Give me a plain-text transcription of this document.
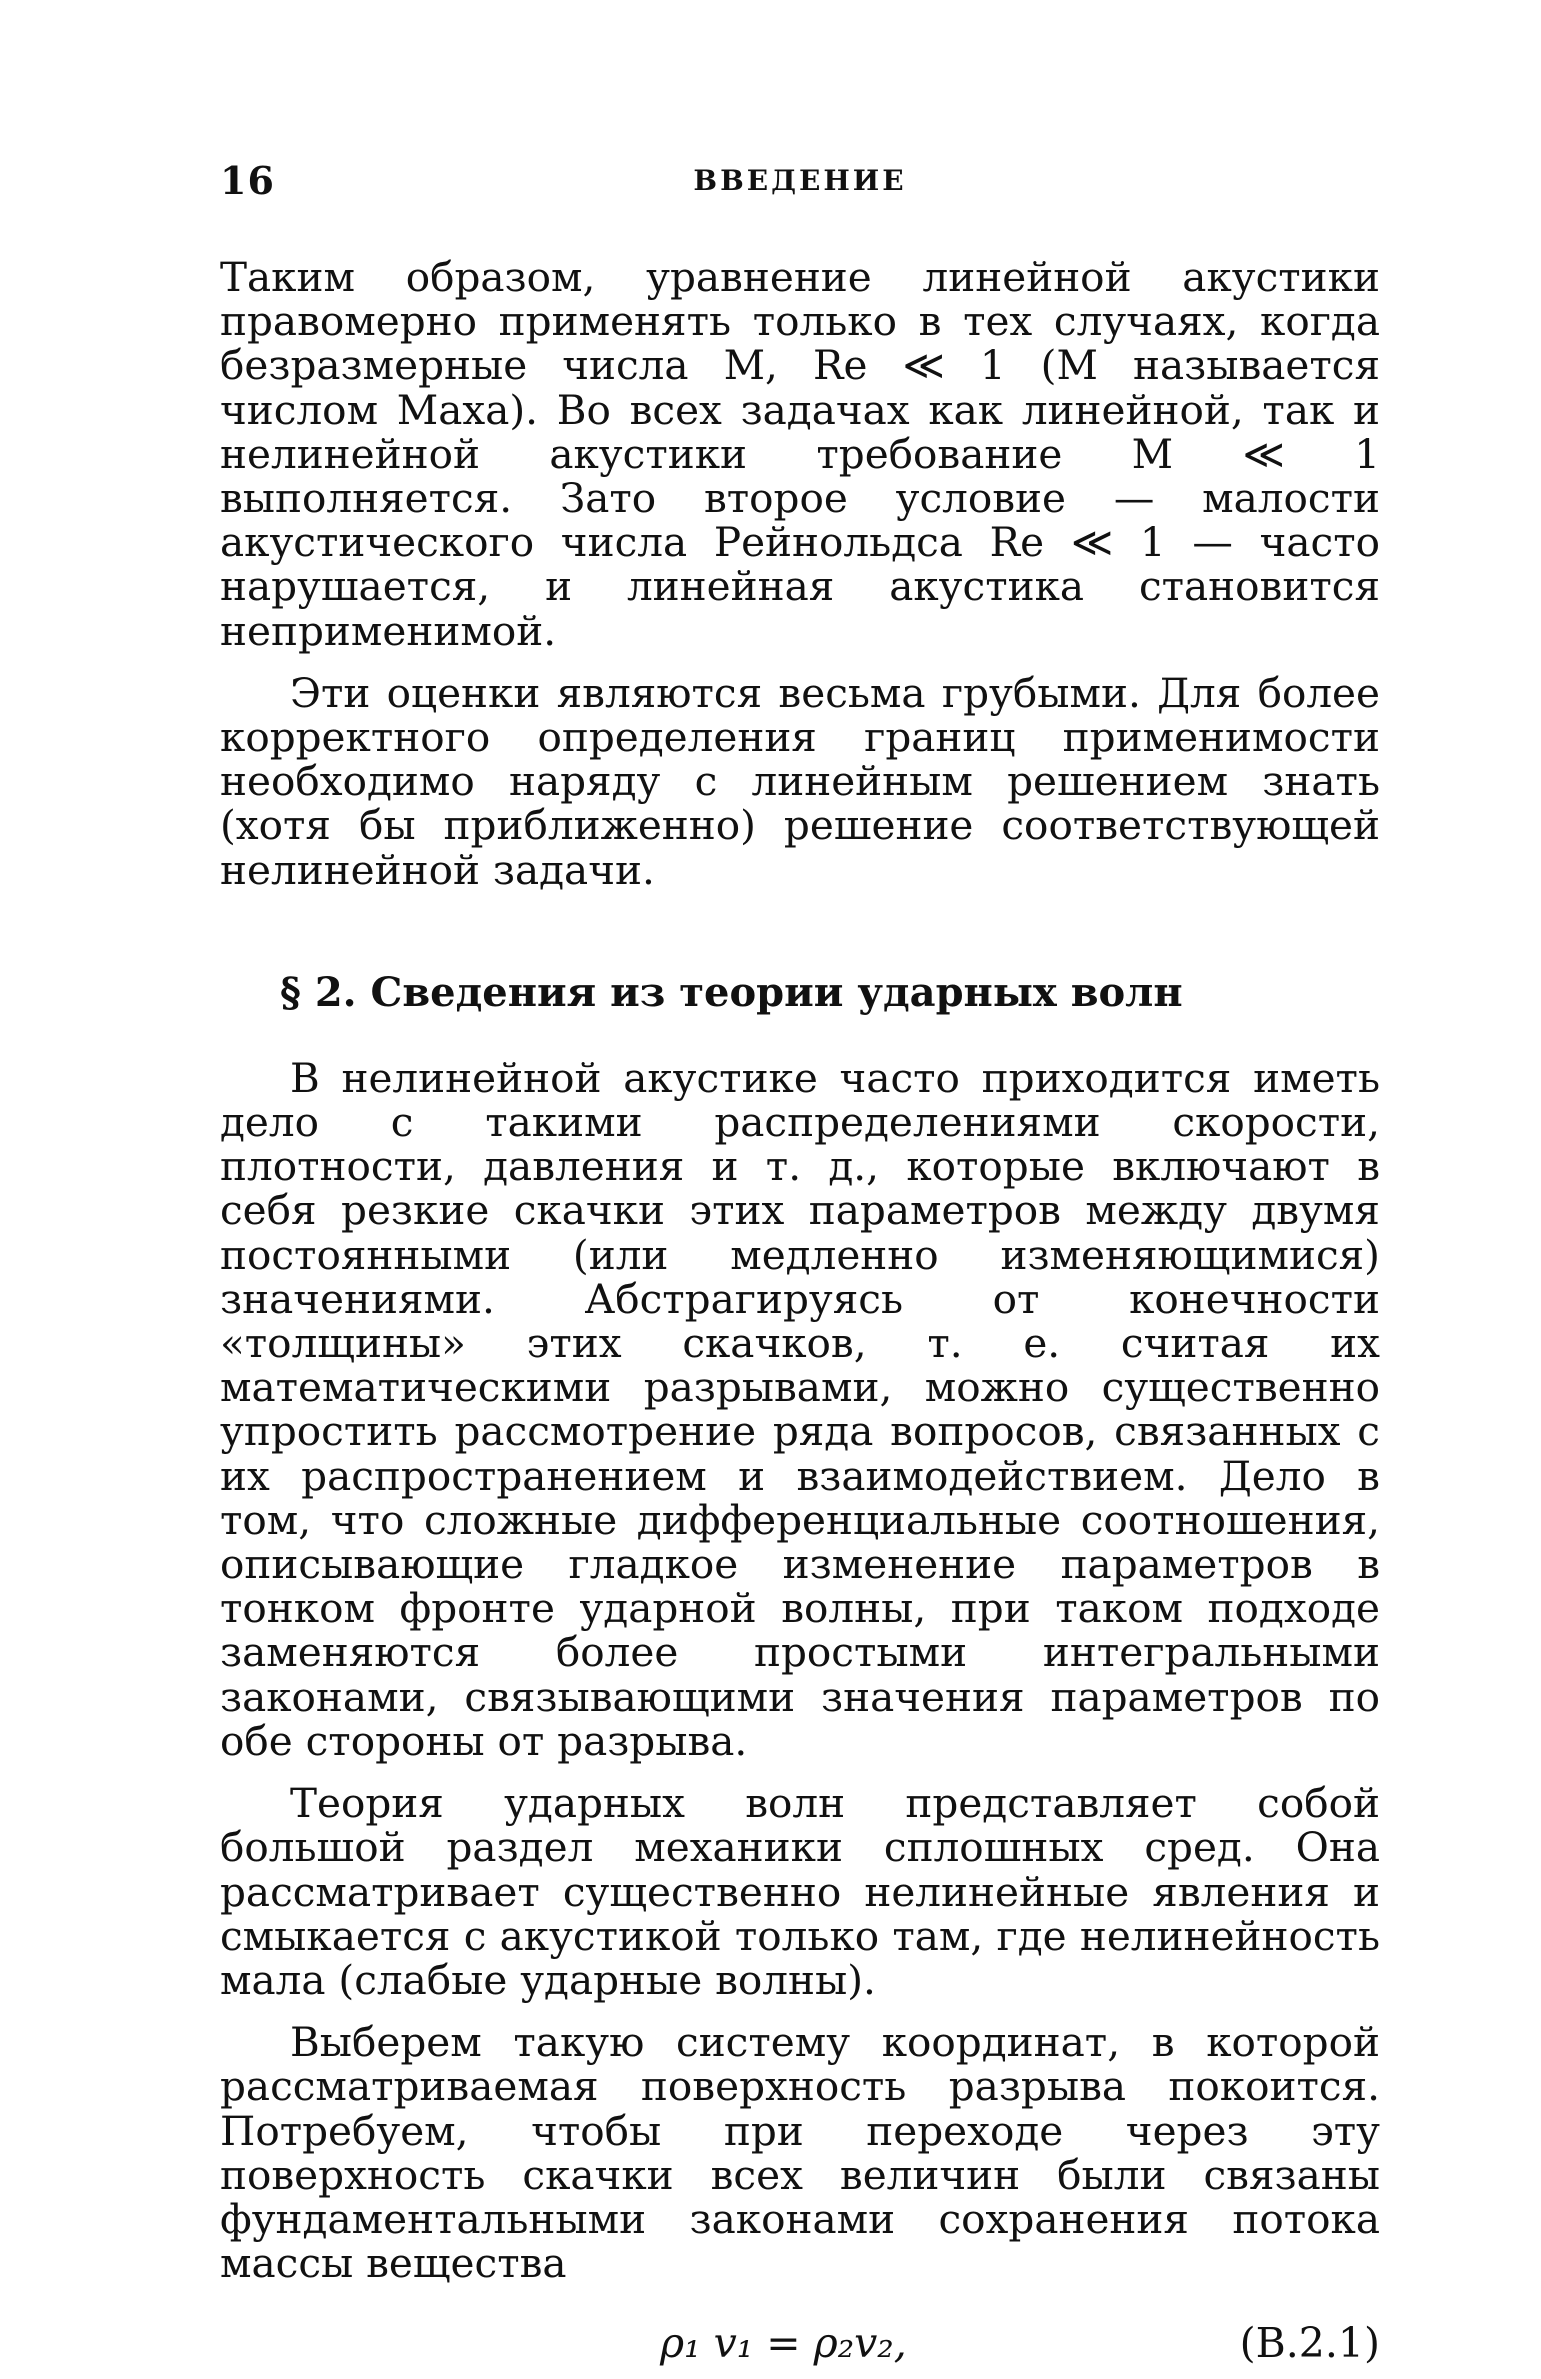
16	ВВЕДЕНИЕ

Таким образом, уравнение линейной акустики правомерно применять только в тех случаях, когда безразмерные числа M, Re ≪ 1 (M называется числом Маха). Во всех задачах как линейной, так и нелинейной акустики требование M ≪ 1 выполняется. Зато второе условие — малости акустического числа Рейнольдса Re ≪ 1 — часто нарушается, и линейная акустика становится неприменимой.

Эти оценки являются весьма грубыми. Для более корректного определения границ применимости необходимо наряду с линейным решением знать (хотя бы приближенно) решение соответствующей нелинейной задачи.

§ 2. Сведения из теории ударных волн

В нелинейной акустике часто приходится иметь дело с такими распределениями скорости, плотности, давления и т. д., которые включают в себя резкие скачки этих параметров между двумя постоянными (или медленно изменяющимися) значениями. Абстрагируясь от конечности «толщины» этих скачков, т. е. считая их математическими разрывами, можно существенно упростить рассмотрение ряда вопросов, связанных с их распространением и взаимодействием. Дело в том, что сложные дифференциальные соотношения, описывающие гладкое изменение параметров в тонком фронте ударной волны, при таком подходе заменяются более простыми интегральными законами, связывающими значения параметров по обе стороны от разрыва.

Теория ударных волн представляет собой большой раздел механики сплошных сред. Она рассматривает существенно нелинейные явления и смыкается с акустикой только там, где нелинейность мала (слабые ударные волны).

Выберем такую систему координат, в которой рассматриваемая поверхность разрыва покоится. Потребуем, чтобы при переходе через эту поверхность скачки всех величин были связаны фундаментальными законами сохранения потока массы вещества

ρ₁ v₁ = ρ₂v₂,	(B.2.1)
